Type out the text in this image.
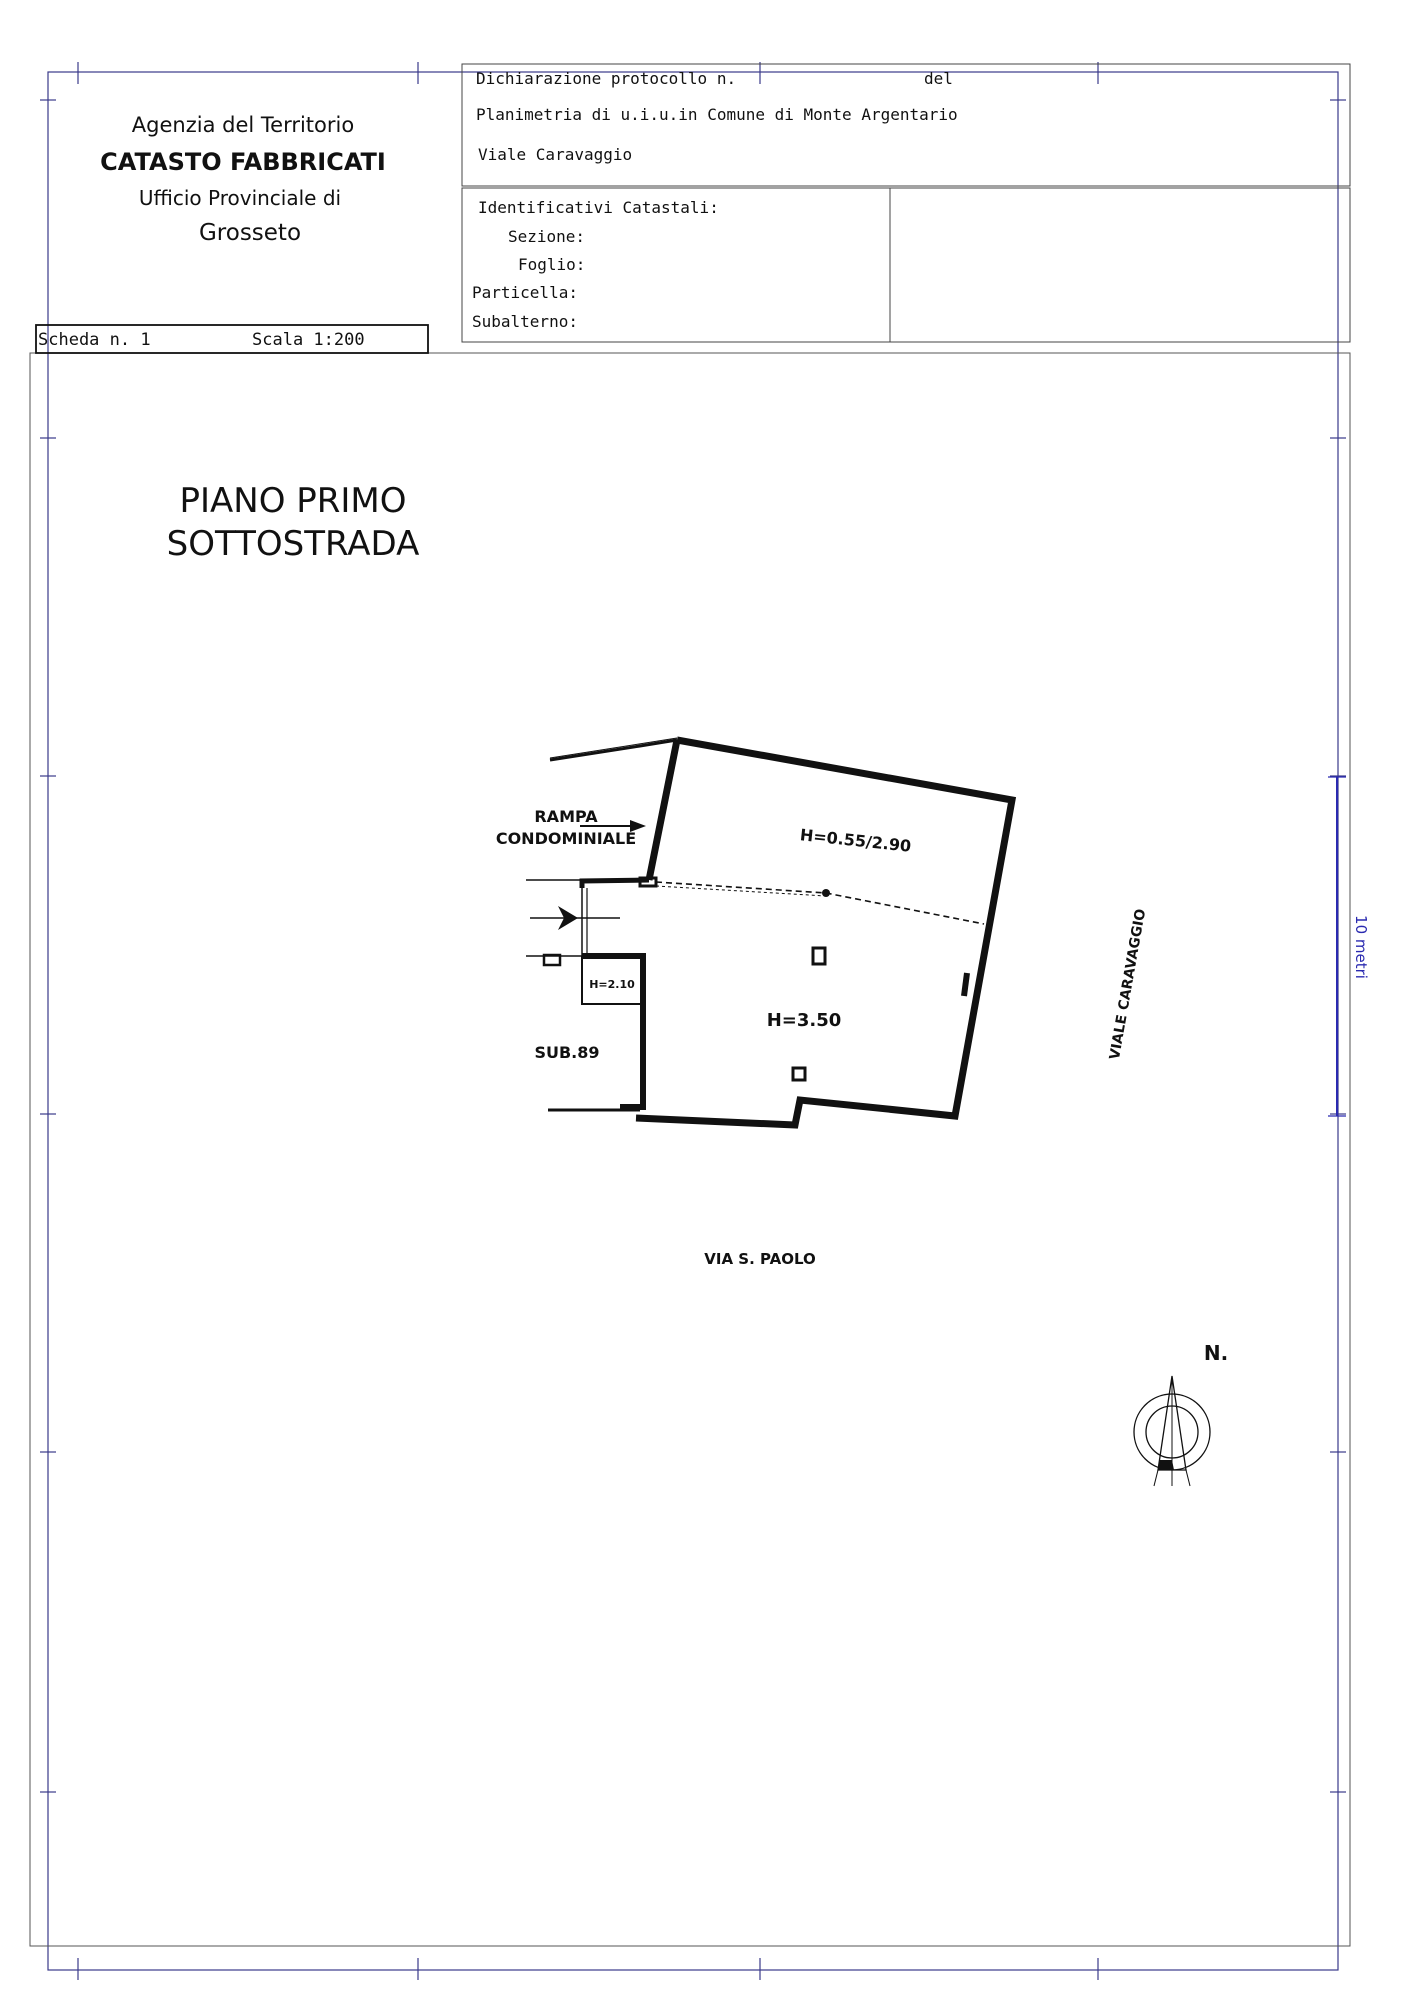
Agenzia del Territorio
CATASTO FABBRICATI
Ufficio Provinciale di
Grosseto
Scheda n. 1	Scala 1:200
Dichiarazione protocollo n.	del
Planimetria di u.i.u.in Comune di Monte Argentario
Viale Caravaggio
Identificativi Catastali:
Sezione:
Foglio:
Particella:
Subalterno:
PIANO PRIMO
SOTTOSTRADA
RAMPA
CONDOMINIALE	H=0.55/2.90
H=3.50
H=2.10
SUB.89	VIALE CARAVAGGIO
VIA S. PAOLO
10 metri
N.
